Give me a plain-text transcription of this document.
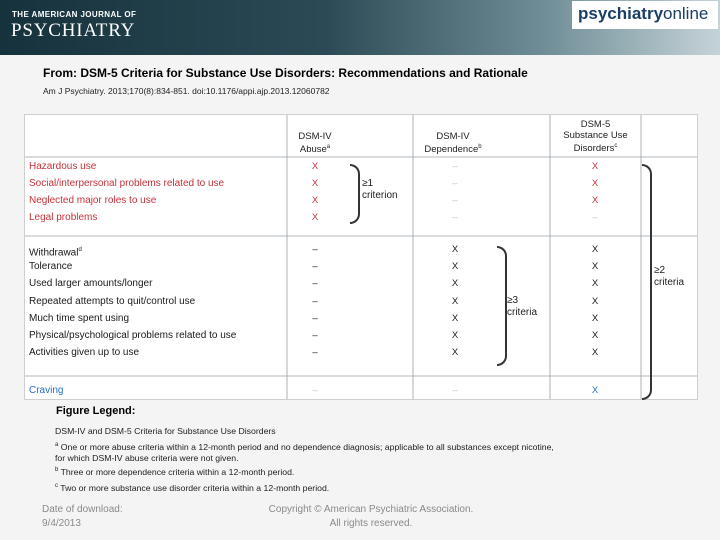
THE AMERICAN JOURNAL OF
PSYCHIATRY
psychiatry online
From: DSM-5 Criteria for Substance Use Disorders: Recommendations and Rationale
Am J Psychiatry. 2013;170(8):834-851. doi:10.1176/appi.ajp.2013.12060782
DSM-IV
Abuse$^a$
DSM-IV
Dependence$^b$
DSM-5
Substance Use
Disorders$^c$
Hazardous use	X	–	X
Social/interpersonal problems related to use	X	–	X
Neglected major roles to use	X	–	X
Legal problems	X	–	–
Withdrawal$^d$	–	X	X
Tolerance	–	X	X
Used larger amounts/longer	–	X	X
Repeated attempts to quit/control use	–	X	X
Much time spent using	–	X	X
Physical/psychological problems related to use	–	X	X
Activities given up to use	–	X	X
Craving	–	–	X
≥1
criterion
≥3
criteria
≥2
criteria
Figure Legend:
DSM-IV and DSM-5 Criteria for Substance Use Disorders
$^a$ One or more abuse criteria within a 12-month period and no dependence diagnosis; applicable to all substances except nicotine,
for which DSM-IV abuse criteria were not given.
$^b$ Three or more dependence criteria within a 12-month period.
$^c$ Two or more substance use disorder criteria within a 12-month period.
Date of download:
9/4/2013
Copyright © American Psychiatric Association.
All rights reserved.
